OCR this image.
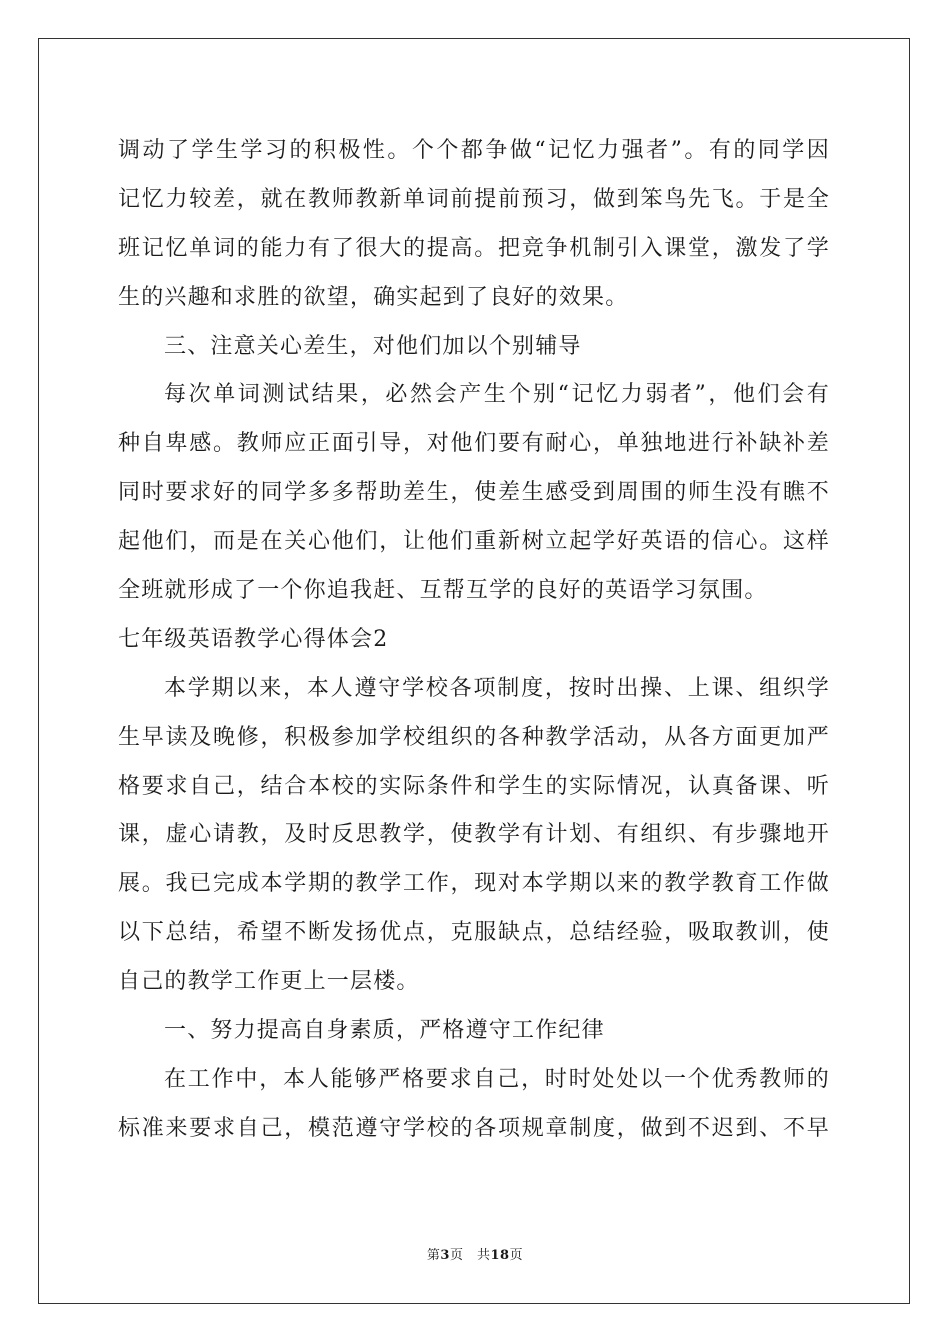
调动了学生学习的积极性。个个都争做“记忆力强者”。有的同学因
记忆力较差，就在教师教新单词前提前预习，做到笨鸟先飞。于是全
班记忆单词的能力有了很大的提高。把竞争机制引入课堂，激发了学
生的兴趣和求胜的欲望，确实起到了良好的效果。
三、注意关心差生，对他们加以个别辅导
每次单词测试结果，必然会产生个别“记忆力弱者”，他们会有
种自卑感。教师应正面引导，对他们要有耐心，单独地进行补缺补差
同时要求好的同学多多帮助差生，使差生感受到周围的师生没有瞧不
起他们，而是在关心他们，让他们重新树立起学好英语的信心。这样
全班就形成了一个你追我赶、互帮互学的良好的英语学习氛围。
七年级英语教学心得体会2
本学期以来，本人遵守学校各项制度，按时出操、上课、组织学
生早读及晚修，积极参加学校组织的各种教学活动，从各方面更加严
格要求自己，结合本校的实际条件和学生的实际情况，认真备课、听
课，虚心请教，及时反思教学，使教学有计划、有组织、有步骤地开
展。我已完成本学期的教学工作，现对本学期以来的教学教育工作做
以下总结，希望不断发扬优点，克服缺点，总结经验，吸取教训，使
自己的教学工作更上一层楼。
一、努力提高自身素质，严格遵守工作纪律
在工作中，本人能够严格要求自己，时时处处以一个优秀教师的
标准来要求自己，模范遵守学校的各项规章制度，做到不迟到、不早
第3页　共18页
